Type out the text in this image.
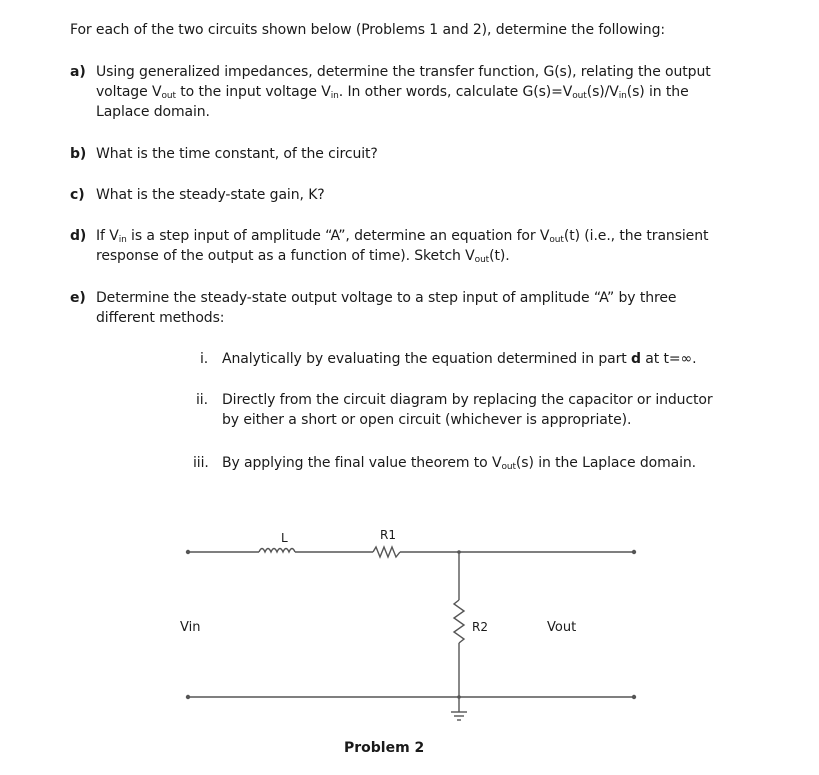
For each of the two circuits shown below (Problems 1 and 2), determine the following:
a) Using generalized impedances, determine the transfer function, G(s), relating the output
voltage $V_{out}$ to the input voltage $V_{in}$. In other words, calculate $G(s)=V_{out}(s)/V_{in}(s)$ in the
Laplace domain.
b) What is the time constant, of the circuit?
c) What is the steady-state gain, K?
d) If $V_{in}$ is a step input of amplitude “A”, determine an equation for $V_{out}(t)$ (i.e., the transient
response of the output as a function of time). Sketch $V_{out}(t)$.
e) Determine the steady-state output voltage to a step input of amplitude “A” by three
different methods:
i. Analytically by evaluating the equation determined in part d at t=∞.
ii. Directly from the circuit diagram by replacing the capacitor or inductor
by either a short or open circuit (whichever is appropriate).
iii. By applying the final value theorem to $V_{out}(s)$ in the Laplace domain.
L	R1
R2
Vin	Vout
Problem 2
